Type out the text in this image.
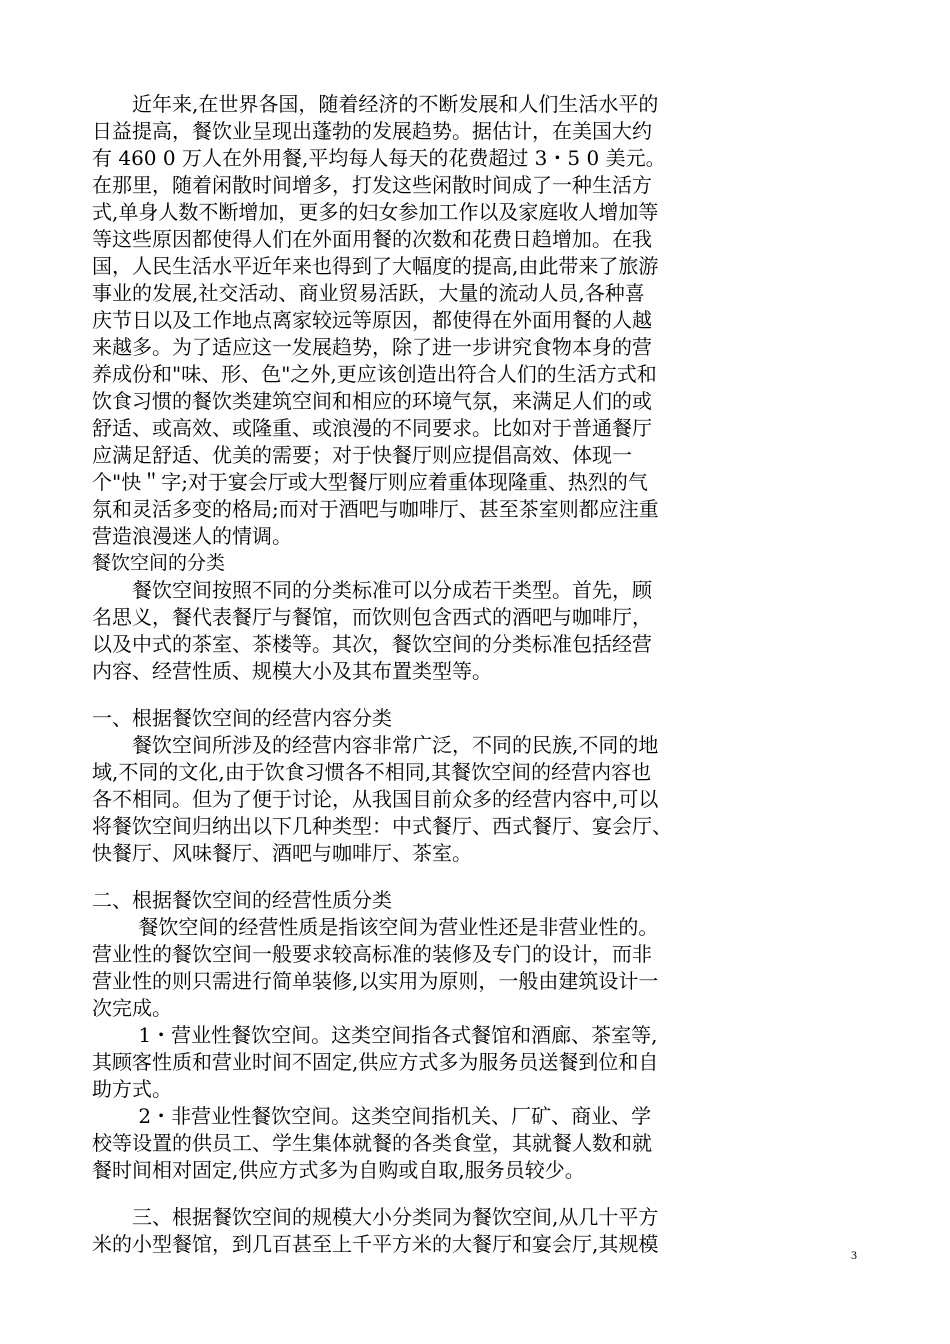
　　近年来,在世界各国，随着经济的不断发展和人们生活水平的
日益提高，餐饮业呈现出蓬勃的发展趋势。据估计，在美国大约
有 460 0 万人在外用餐,平均每人每天的花费超过 3・5 0 美元。
在那里，随着闲散时间增多，打发这些闲散时间成了一种生活方
式,单身人数不断增加，更多的妇女参加工作以及家庭收人增加等
等这些原因都使得人们在外面用餐的次数和花费日趋增加。在我
国，人民生活水平近年来也得到了大幅度的提高,由此带来了旅游
事业的发展,社交活动、商业贸易活跃，大量的流动人员,各种喜
庆节日以及工作地点离家较远等原因，都使得在外面用餐的人越
来越多。为了适应这一发展趋势，除了进一步讲究食物本身的营
养成份和"味、形、色"之外,更应该创造出符合人们的生活方式和
饮食习惯的餐饮类建筑空间和相应的环境气氛，来满足人们的或
舒适、或高效、或隆重、或浪漫的不同要求。比如对于普通餐厅
应满足舒适、优美的需要；对于快餐厅则应提倡高效、体现一
个"快＂字;对于宴会厅或大型餐厅则应着重体现隆重、热烈的气
氛和灵活多变的格局;而对于酒吧与咖啡厅、甚至茶室则都应注重
营造浪漫迷人的情调。
餐饮空间的分类
　　餐饮空间按照不同的分类标准可以分成若干类型。首先，顾
名思义，餐代表餐厅与餐馆，而饮则包含西式的酒吧与咖啡厅，
以及中式的茶室、茶楼等。其次，餐饮空间的分类标准包括经营
内容、经营性质、规模大小及其布置类型等。
一、根据餐饮空间的经营内容分类
　　餐饮空间所涉及的经营内容非常广泛，不同的民族,不同的地
域,不同的文化,由于饮食习惯各不相同,其餐饮空间的经营内容也
各不相同。但为了便于讨论，从我国目前众多的经营内容中,可以
将餐饮空间归纳出以下几种类型：中式餐厅、西式餐厅、宴会厅、
快餐厅、风味餐厅、酒吧与咖啡厅、茶室。
二、根据餐饮空间的经营性质分类
　　 餐饮空间的经营性质是指该空间为营业性还是非营业性的。
营业性的餐饮空间一般要求较高标准的装修及专门的设计，而非
营业性的则只需进行简单装修,以实用为原则，一般由建筑设计一
次完成。
　　 1・营业性餐饮空间。这类空间指各式餐馆和酒廊、茶室等,
其顾客性质和营业时间不固定,供应方式多为服务员送餐到位和自
助方式。
　　 2・非营业性餐饮空间。这类空间指机关、厂矿、商业、学
校等设置的供员工、学生集体就餐的各类食堂，其就餐人数和就
餐时间相对固定,供应方式多为自购或自取,服务员较少。
　　三、根据餐饮空间的规模大小分类同为餐饮空间,从几十平方
米的小型餐馆，到几百甚至上千平方米的大餐厅和宴会厅,其规模	3
